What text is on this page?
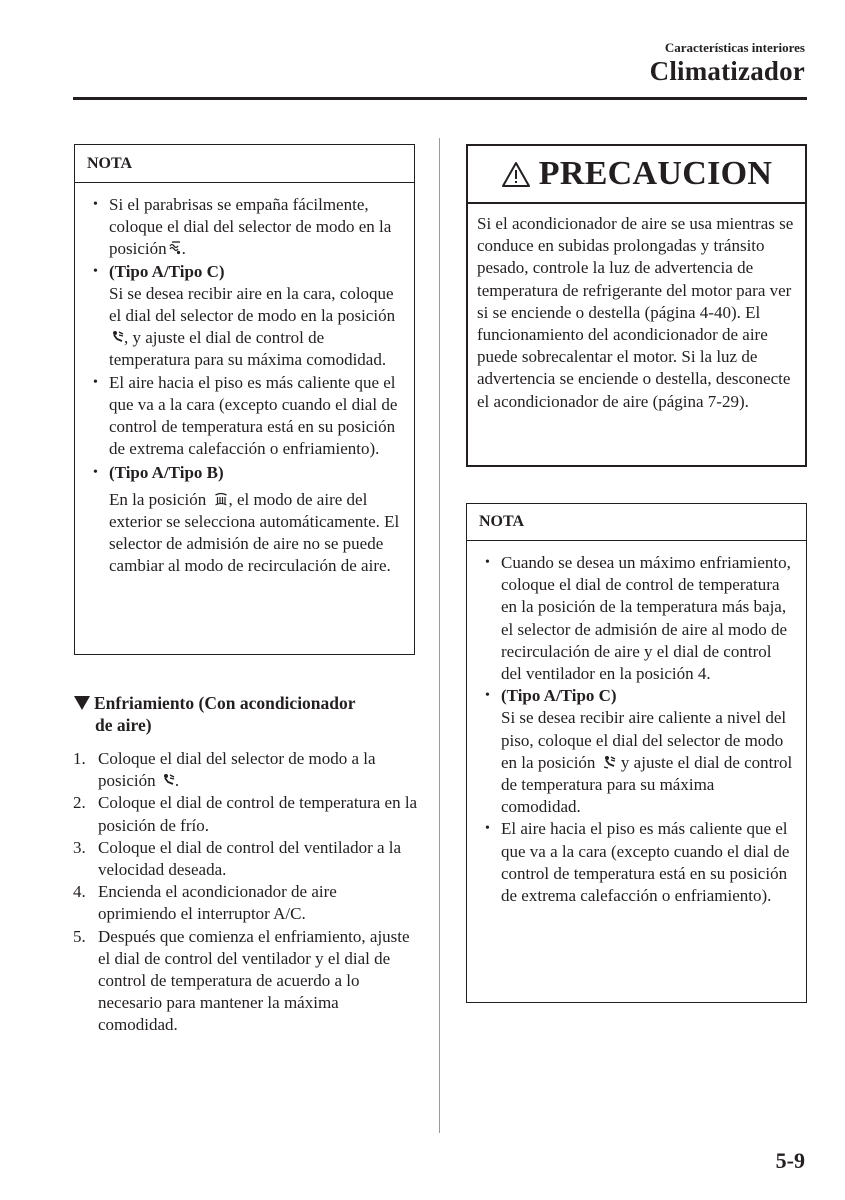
Características interiores
Climatizador
NOTA
• Si el parabrisas se empaña fácilmente, coloque el dial del selector de modo en la posición .
• (Tipo A/Tipo C)
Si se desea recibir aire en la cara, coloque el dial del selector de modo en la posición, y ajuste el dial de control de temperatura para su máxima comodidad.
• El aire hacia el piso es más caliente que el que va a la cara (excepto cuando el dial de control de temperatura está en su posición de extrema calefacción o enfriamiento).
• (Tipo A/Tipo B)
En la posición , el modo de aire del exterior se selecciona automáticamente. El selector de admisión de aire no se puede cambiar al modo de recirculación de aire.
Enfriamiento (Con acondicionador
de aire)
1. Coloque el dial del selector de modo a la posición .
2. Coloque el dial de control de temperatura en la posición de frío.
3. Coloque el dial de control del ventilador a la velocidad deseada.
4. Encienda el acondicionador de aire oprimiendo el interruptor A/C.
5. Después que comienza el enfriamiento, ajuste el dial de control del ventilador y el dial de control de temperatura de acuerdo a lo necesario para mantener la máxima comodidad.
PRECAUCION
Si el acondicionador de aire se usa mientras se conduce en subidas prolongadas y tránsito pesado, controle la luz de advertencia de temperatura de refrigerante del motor para ver si se enciende o destella (página 4-40). El funcionamiento del acondicionador de aire puede sobrecalentar el motor. Si la luz de advertencia se enciende o destella, desconecte el acondicionador de aire (página 7-29).
NOTA
• Cuando se desea un máximo enfriamiento, coloque el dial de control de temperatura en la posición de la temperatura más baja, el selector de admisión de aire al modo de recirculación de aire y el dial de control del ventilador en la posición 4.
• (Tipo A/Tipo C)
Si se desea recibir aire caliente a nivel del piso, coloque el dial del selector de modo en la posición  y ajuste el dial de control de temperatura para su máxima comodidad.
• El aire hacia el piso es más caliente que el que va a la cara (excepto cuando el dial de control de temperatura está en su posición de extrema calefacción o enfriamiento).
5-9
